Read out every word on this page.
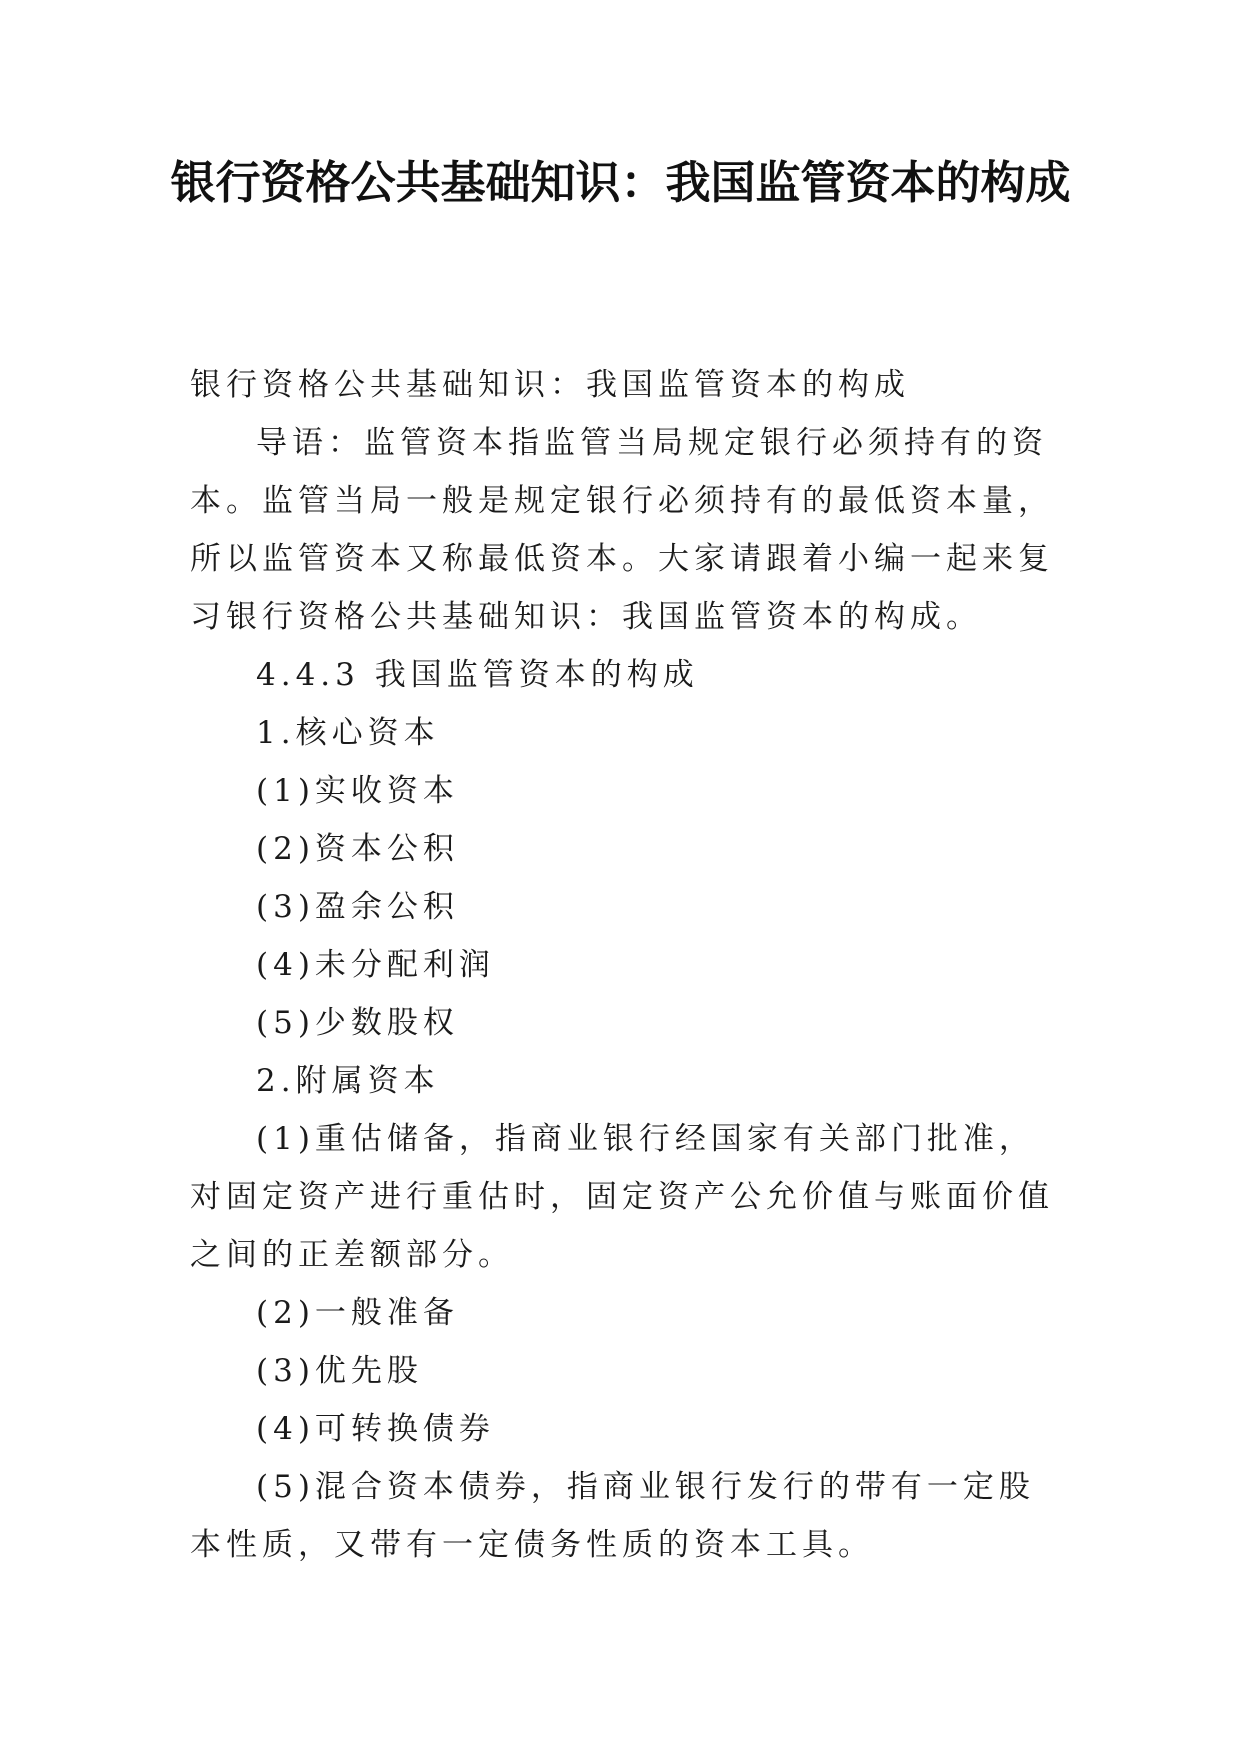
银行资格公共基础知识：我国监管资本的构成

银行资格公共基础知识：我国监管资本的构成

导语：监管资本指监管当局规定银行必须持有的资本。监管当局一般是规定银行必须持有的最低资本量，所以监管资本又称最低资本。大家请跟着小编一起来复习银行资格公共基础知识：我国监管资本的构成。

4.4.3 我国监管资本的构成

1.核心资本

(1)实收资本

(2)资本公积

(3)盈余公积

(4)未分配利润

(5)少数股权

2.附属资本

(1)重估储备，指商业银行经国家有关部门批准，对固定资产进行重估时，固定资产公允价值与账面价值之间的正差额部分。

(2)一般准备

(3)优先股

(4)可转换债券

(5)混合资本债券，指商业银行发行的带有一定股本性质，又带有一定债务性质的资本工具。
